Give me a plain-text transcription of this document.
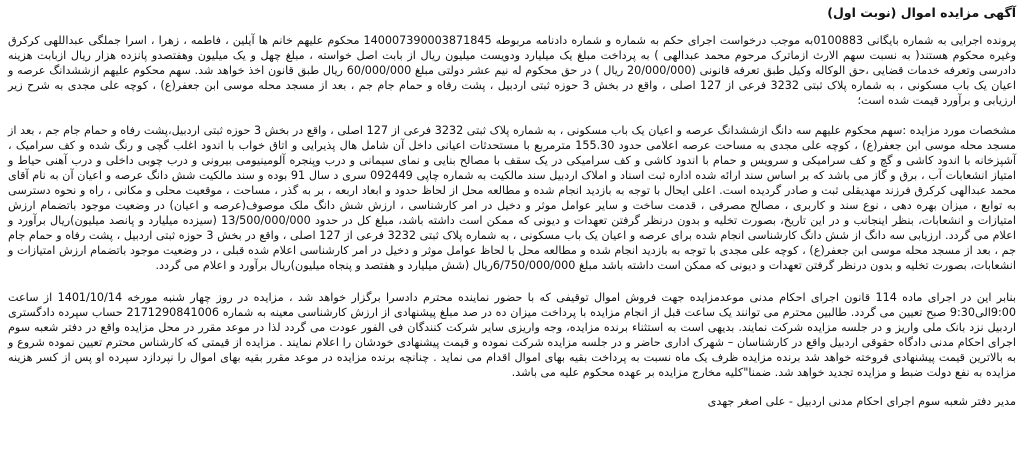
آگهی مزایده اموال (نوبت اول)

پرونده اجرایی به شماره بایگانی 0100883به موجب درخواست اجرای حکم به شماره و شماره دادنامه مربوطه 140007390003871845 محکوم علیهم خانم ها آیلین ، فاطمه ، زهرا ، اسرا جملگی عبداللهی کرکرق وغیره محکوم هستند( به نسبت سهم الارث ازماترک مرحوم محمد عبدالهی ) به پرداخت مبلغ یک میلیارد ودویست میلیون ریال از بابت اصل خواسته ، مبلغ چهل و یک میلیون وهفتصدو پانزده هزار ریال ازبابت هزینه دادرسی وتعرفه خدمات قضایی ،حق الوکاله وکیل طبق تعرفه قانونی (20/000/000 ریال ) در حق محکوم له نیم عشر دولتی مبلغ 60/000/000 ریال طبق قانون اخذ خواهد شد. سهم محکوم علیهم ازششدانگ عرصه و اعیان یک باب مسکونی ، به شماره پلاک ثبتی 3232 فرعی از 127 اصلی ، واقع در بخش 3 حوزه ثبتی اردبیل ، پشت رفاه و حمام جام جم ، بعد از مسجد محله موسی ابن جعفر(ع) ، کوچه علی مجدی به شرح زیر ارزیابی و برآورد قیمت شده است؛

مشخصات مورد مزایده :سهم محکوم علیهم سه دانگ ازششدانگ عرصه و اعیان یک باب مسکونی ، به شماره پلاک ثبتی 3232 فرعی از 127 اصلی ، واقع در بخش 3 حوزه ثبتی اردبیل،پشت رفاه و حمام جام جم ، بعد از مسجد محله موسی ابن جعفر(ع) ، کوچه علی مجدی به مساحت عرصه اعلامی حدود 155.30 مترمربع با مستحدثات اعیانی داخل آن شامل هال پذیرایی و اتاق خواب با اندود اغلب گچی و رنگ شده و کف سرامیک ، آشپزخانه با اندود کاشی و گچ و کف سرامیکی و سرویس و حمام با اندود کاشی و کف سرامیکی در یک سقف با مصالح بنایی و نمای سیمانی و درب وپنجره آلومینیومی بیرونی و درب چوبی داخلی و درب آهنی حیاط و امتیاز انشعابات آب ، برق و گاز می باشد که بر اساس سند ارائه شده اداره ثبت اسناد و املاک اردبیل سند مالکیت به شماره چاپی 092449 سری د سال 91 بوده و سند مالکیت شش دانگ عرصه و اعیان آن به نام آقای محمد عبدالهی کرکرق فرزند مهدیقلی ثبت و صادر گردیده است. اعلی ایحال با توجه به بازدید انجام شده و مطالعه محل از لحاظ حدود و ابعاد اربعه ، بر به گذر ، مساحت ، موقعیت محلی و مکانی ، راه و نحوه دسترسی به توابع ، میزان بهره دهی ، نوع سند و کاربری ، مصالح مصرفی ، قدمت ساخت و سایر عوامل موثر و دخیل در امر کارشناسی ، ارزش شش دانگ ملک موصوف(عرصه و اعیان) در وضعیت موجود باتضمام ارزش امتیازات و انشعابات، بنظر اینجانب و در این تاریخ، بصورت تخلیه و بدون درنظر گرفتن تعهدات و دیونی که ممکن است داشته باشد، مبلغ کل در حدود 13/500/000/000 (سیزده میلیارد و پانصد میلیون)ریال برآورد و اعلام می گردد. ارزیابی سه دانگ از شش دانگ کارشناسی انجام شده برای عرصه و اعیان یک باب مسکونی ، به شماره پلاک ثبتی 3232 فرعی از 127 اصلی ، واقع در بخش 3 حوزه ثبتی اردبیل ، پشت رفاه و حمام جام جم ، بعد از مسجد محله موسی ابن جعفر(ع) ، کوچه علی مجدی با توجه به بازدید انجام شده و مطالعه محل با لحاظ عوامل موثر و دخیل در امر کارشناسی اعلام شده قبلی ، در وضعیت موجود باتضمام ارزش امتیازات و انشعابات، بصورت تخلیه و بدون درنظر گرفتن تعهدات و دیونی که ممکن است داشته باشد مبلغ 6/750/000/000ریال (شش میلیارد و هفتصد و پنجاه میلیون)ریال برآورد و اعلام می گردد.

بنابر این در اجرای ماده 114 قانون اجرای احکام مدنی موعدمزایده جهت فروش اموال توقیفی که با حضور نماینده محترم دادسرا برگزار خواهد شد ، مزایده در روز چهار شنبه مورخه 1401/10/14 از ساعت 9:00الی9:30 صبح تعیین می گردد. طالبین محترم می توانند یک ساعت قبل از انجام مزایده با پرداخت میزان ده در صد مبلغ پیشنهادی از ارزش کارشناسی معینه به شماره 2171290841006 حساب سپرده دادگستری اردبیل نزد بانک ملی واریز و در جلسه مزایده شرکت نمایند. بدیهی است به استثناء برنده مزایده، وجه واریزی سایر شرکت کنندگان فی الفور عودت می گردد لذا در موعد مقرر در محل مزایده واقع در دفتر شعبه سوم اجرای احکام مدنی دادگاه حقوقی اردبیل واقع در کارشناسان – شهرک اداری حاضر و در جلسه مزایده شرکت نموده و قیمت پیشنهادی خودشان را اعلام نمایند . مزایده از قیمتی که کارشناس محترم تعیین نموده شروع و به بالاترین قیمت پیشنهادی فروخته خواهد شد برنده مزایده ظرف یک ماه نسبت به پرداخت بقیه بهای اموال اقدام می نماید . چنانچه برنده مزایده در موعد مقرر بقیه بهای اموال را نپردازد سپرده او پس از کسر هزینه مزایده به نفع دولت ضبط و مزایده تجدید خواهد شد. ضمنا"کلیه مخارج مزایده بر عهده محکوم علیه می باشد.

مدیر دفتر شعبه سوم اجرای احکام مدنی اردبیل - علی اصغر جهدی
